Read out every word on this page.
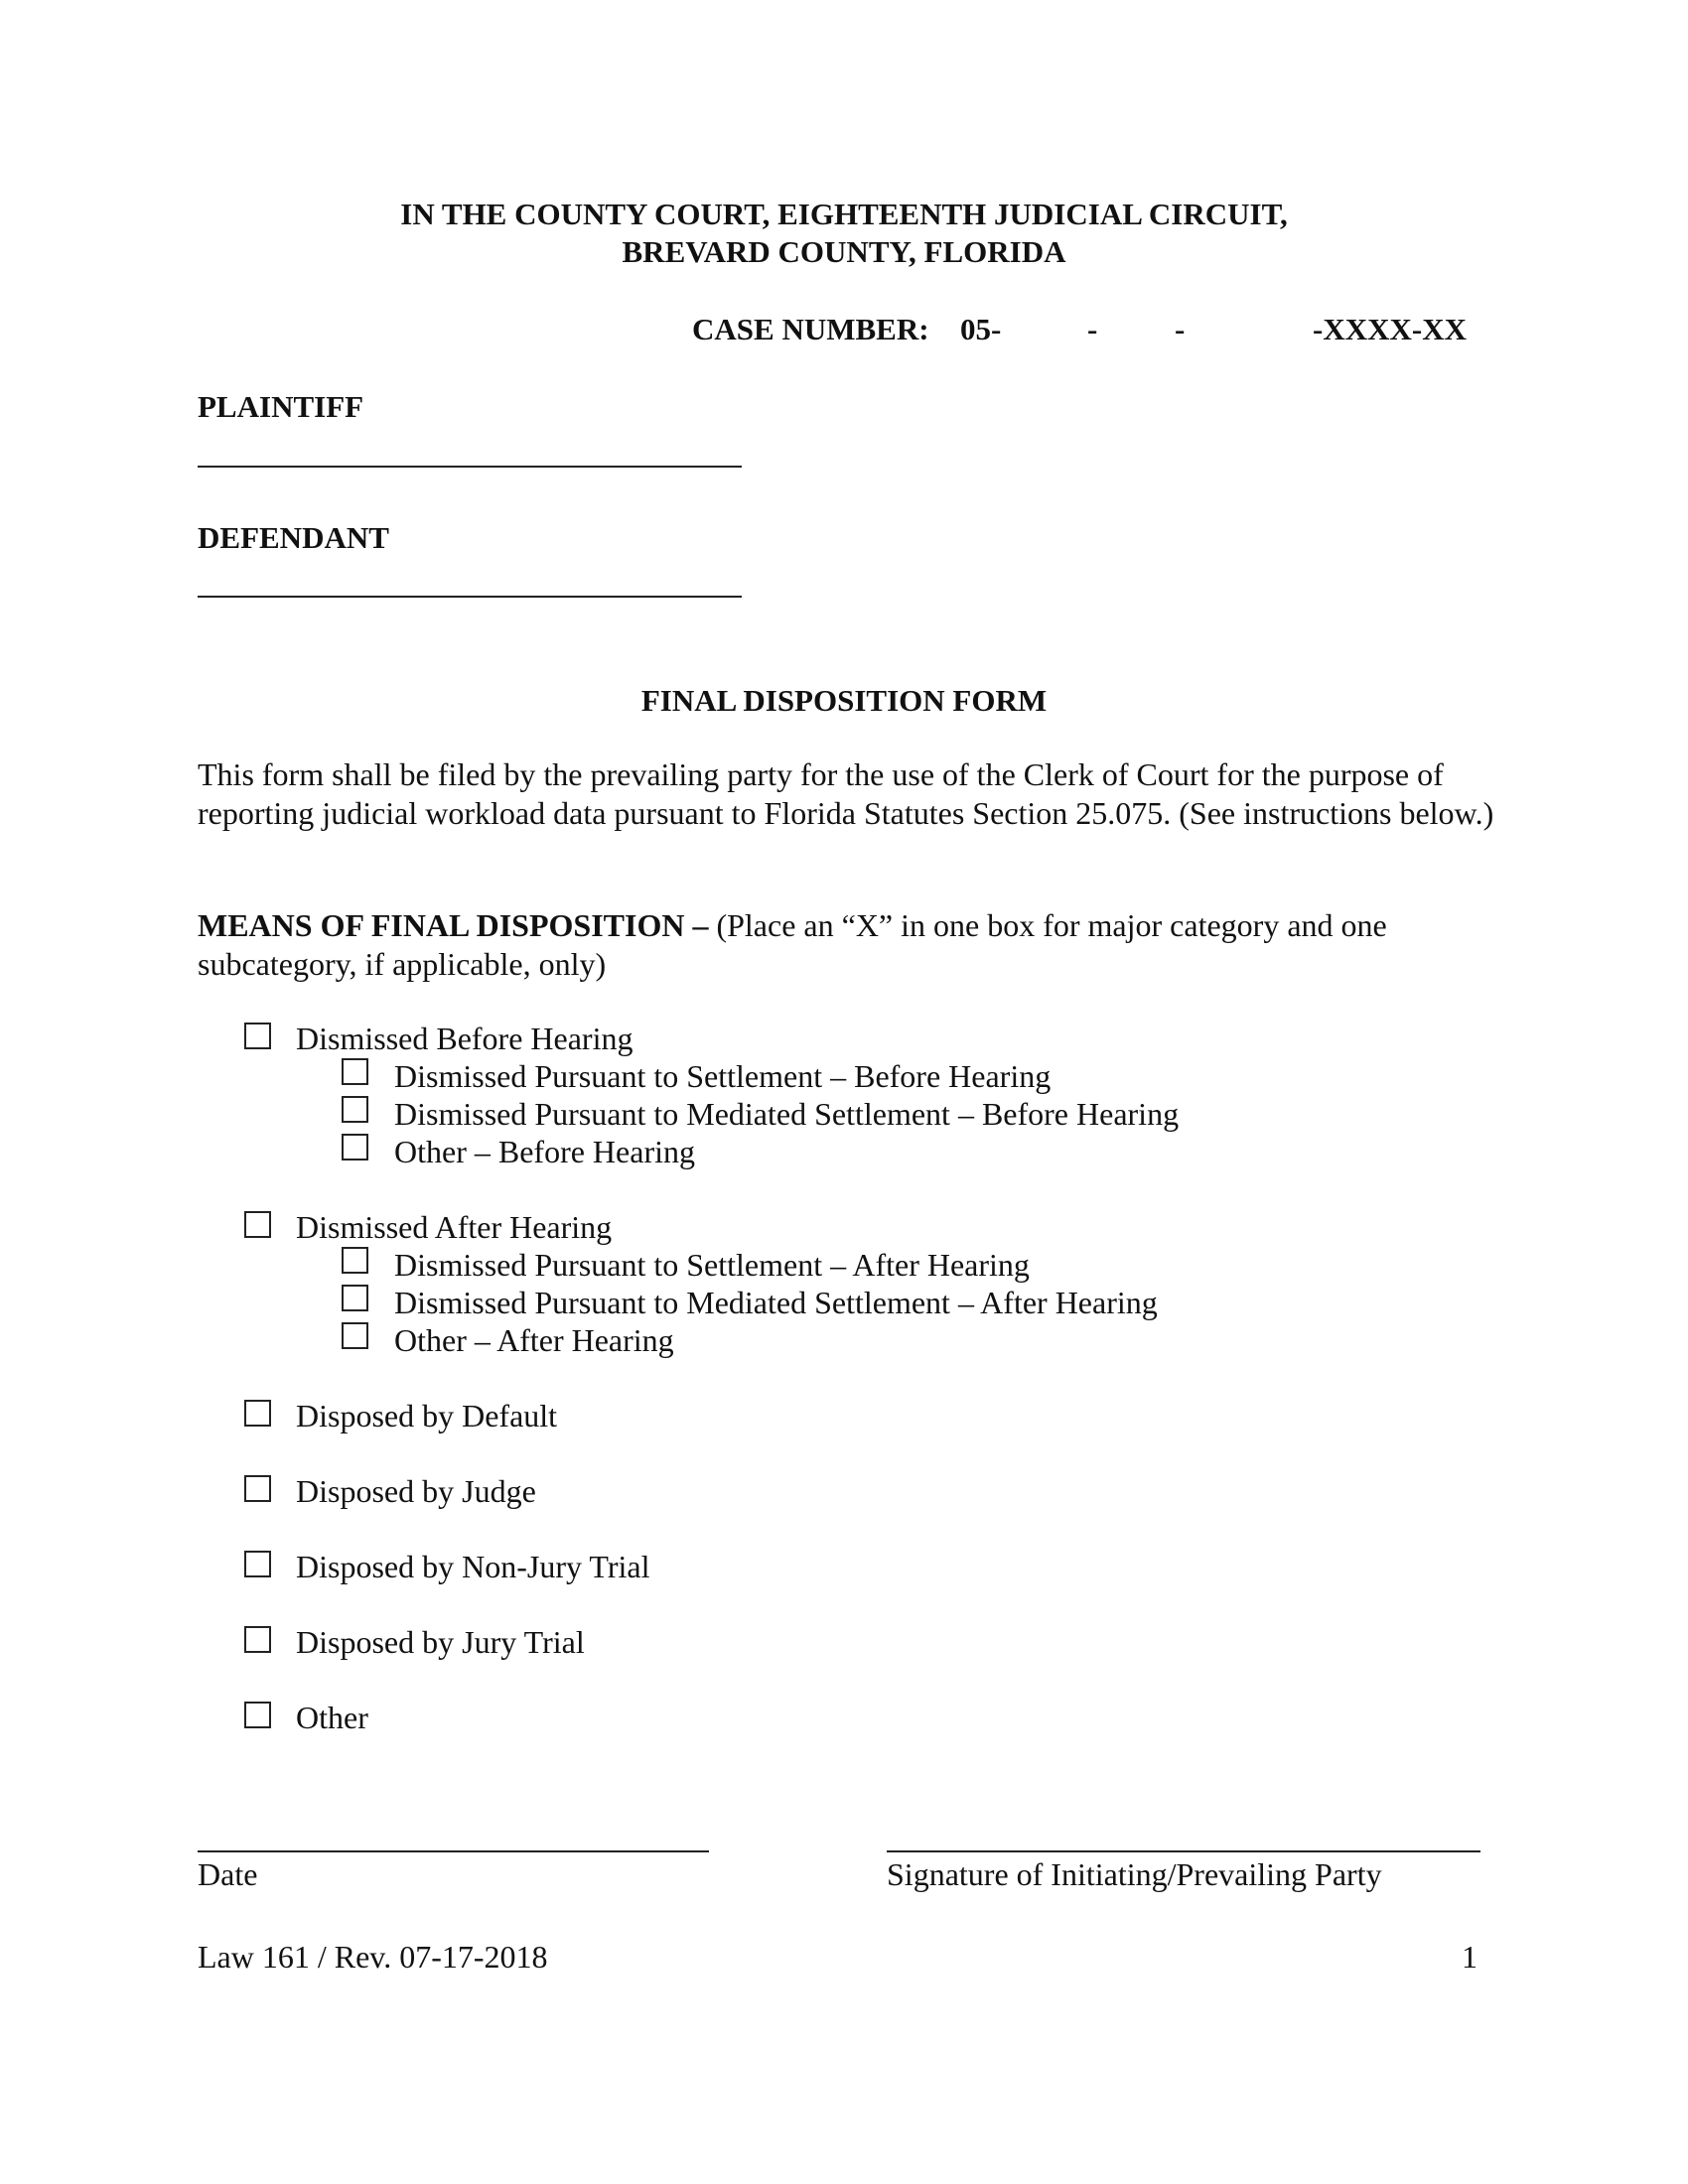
IN THE COUNTY COURT, EIGHTEENTH JUDICIAL CIRCUIT,
BREVARD COUNTY, FLORIDA
CASE NUMBER: 05-	-	-	-XXXX-XX
PLAINTIFF
DEFENDANT
FINAL DISPOSITION FORM
This form shall be filed by the prevailing party for the use of the Clerk of Court for the purpose of reporting judicial workload data pursuant to Florida Statutes Section 25.075. (See instructions below.)
MEANS OF FINAL DISPOSITION – (Place an “X” in one box for major category and one subcategory, if applicable, only)
Dismissed Before Hearing
Dismissed Pursuant to Settlement – Before Hearing
Dismissed Pursuant to Mediated Settlement – Before Hearing
Other – Before Hearing
Dismissed After Hearing
Dismissed Pursuant to Settlement – After Hearing
Dismissed Pursuant to Mediated Settlement – After Hearing
Other – After Hearing
Disposed by Default
Disposed by Judge
Disposed by Non-Jury Trial
Disposed by Jury Trial
Other
Date	Signature of Initiating/Prevailing Party
Law 161 / Rev. 07-17-2018	1
